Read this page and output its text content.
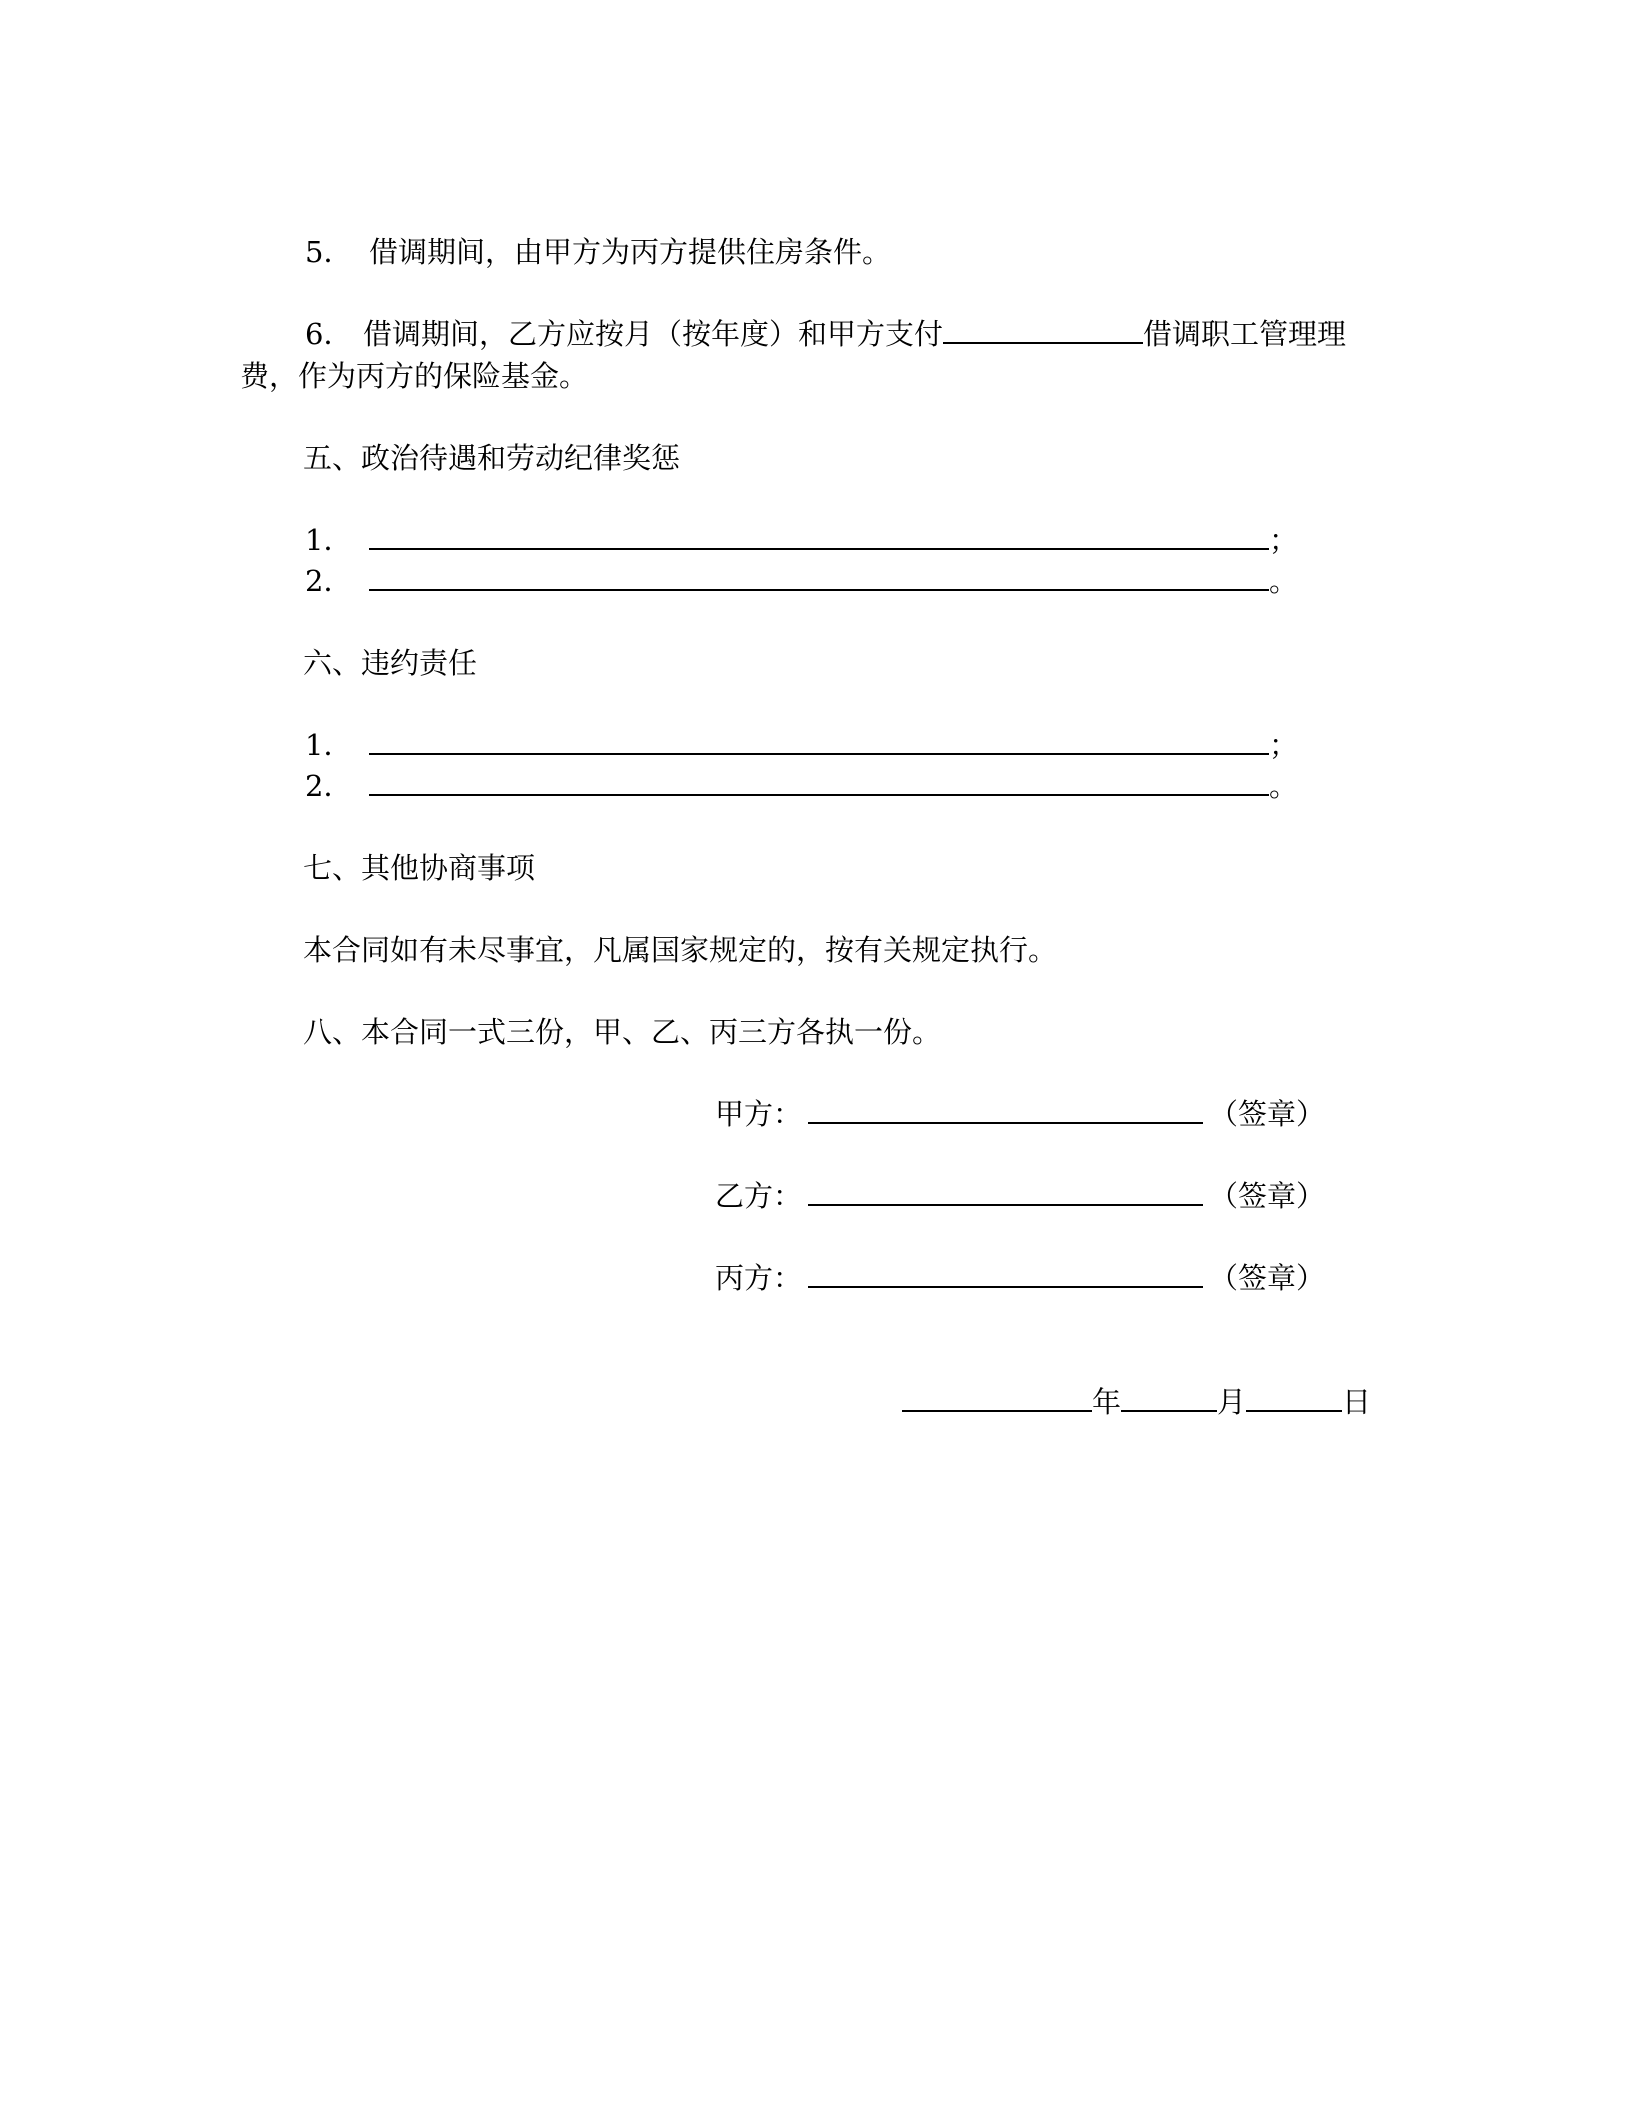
5． 借调期间，由甲方为丙方提供住房条件。
6． 借调期间，乙方应按月（按年度）和甲方支付	借调职工管理理
费，作为丙方的保险基金。
五、政治待遇和劳动纪律奖惩
1．	；
2．	。
六、违约责任
1．	；
2．	。
七、其他协商事项
本合同如有未尽事宜，凡属国家规定的，按有关规定执行。
八、本合同一式三份，甲、乙、丙三方各执一份。
甲方：	（签章）
乙方：	（签章）
丙方：	（签章）
年	月	日
